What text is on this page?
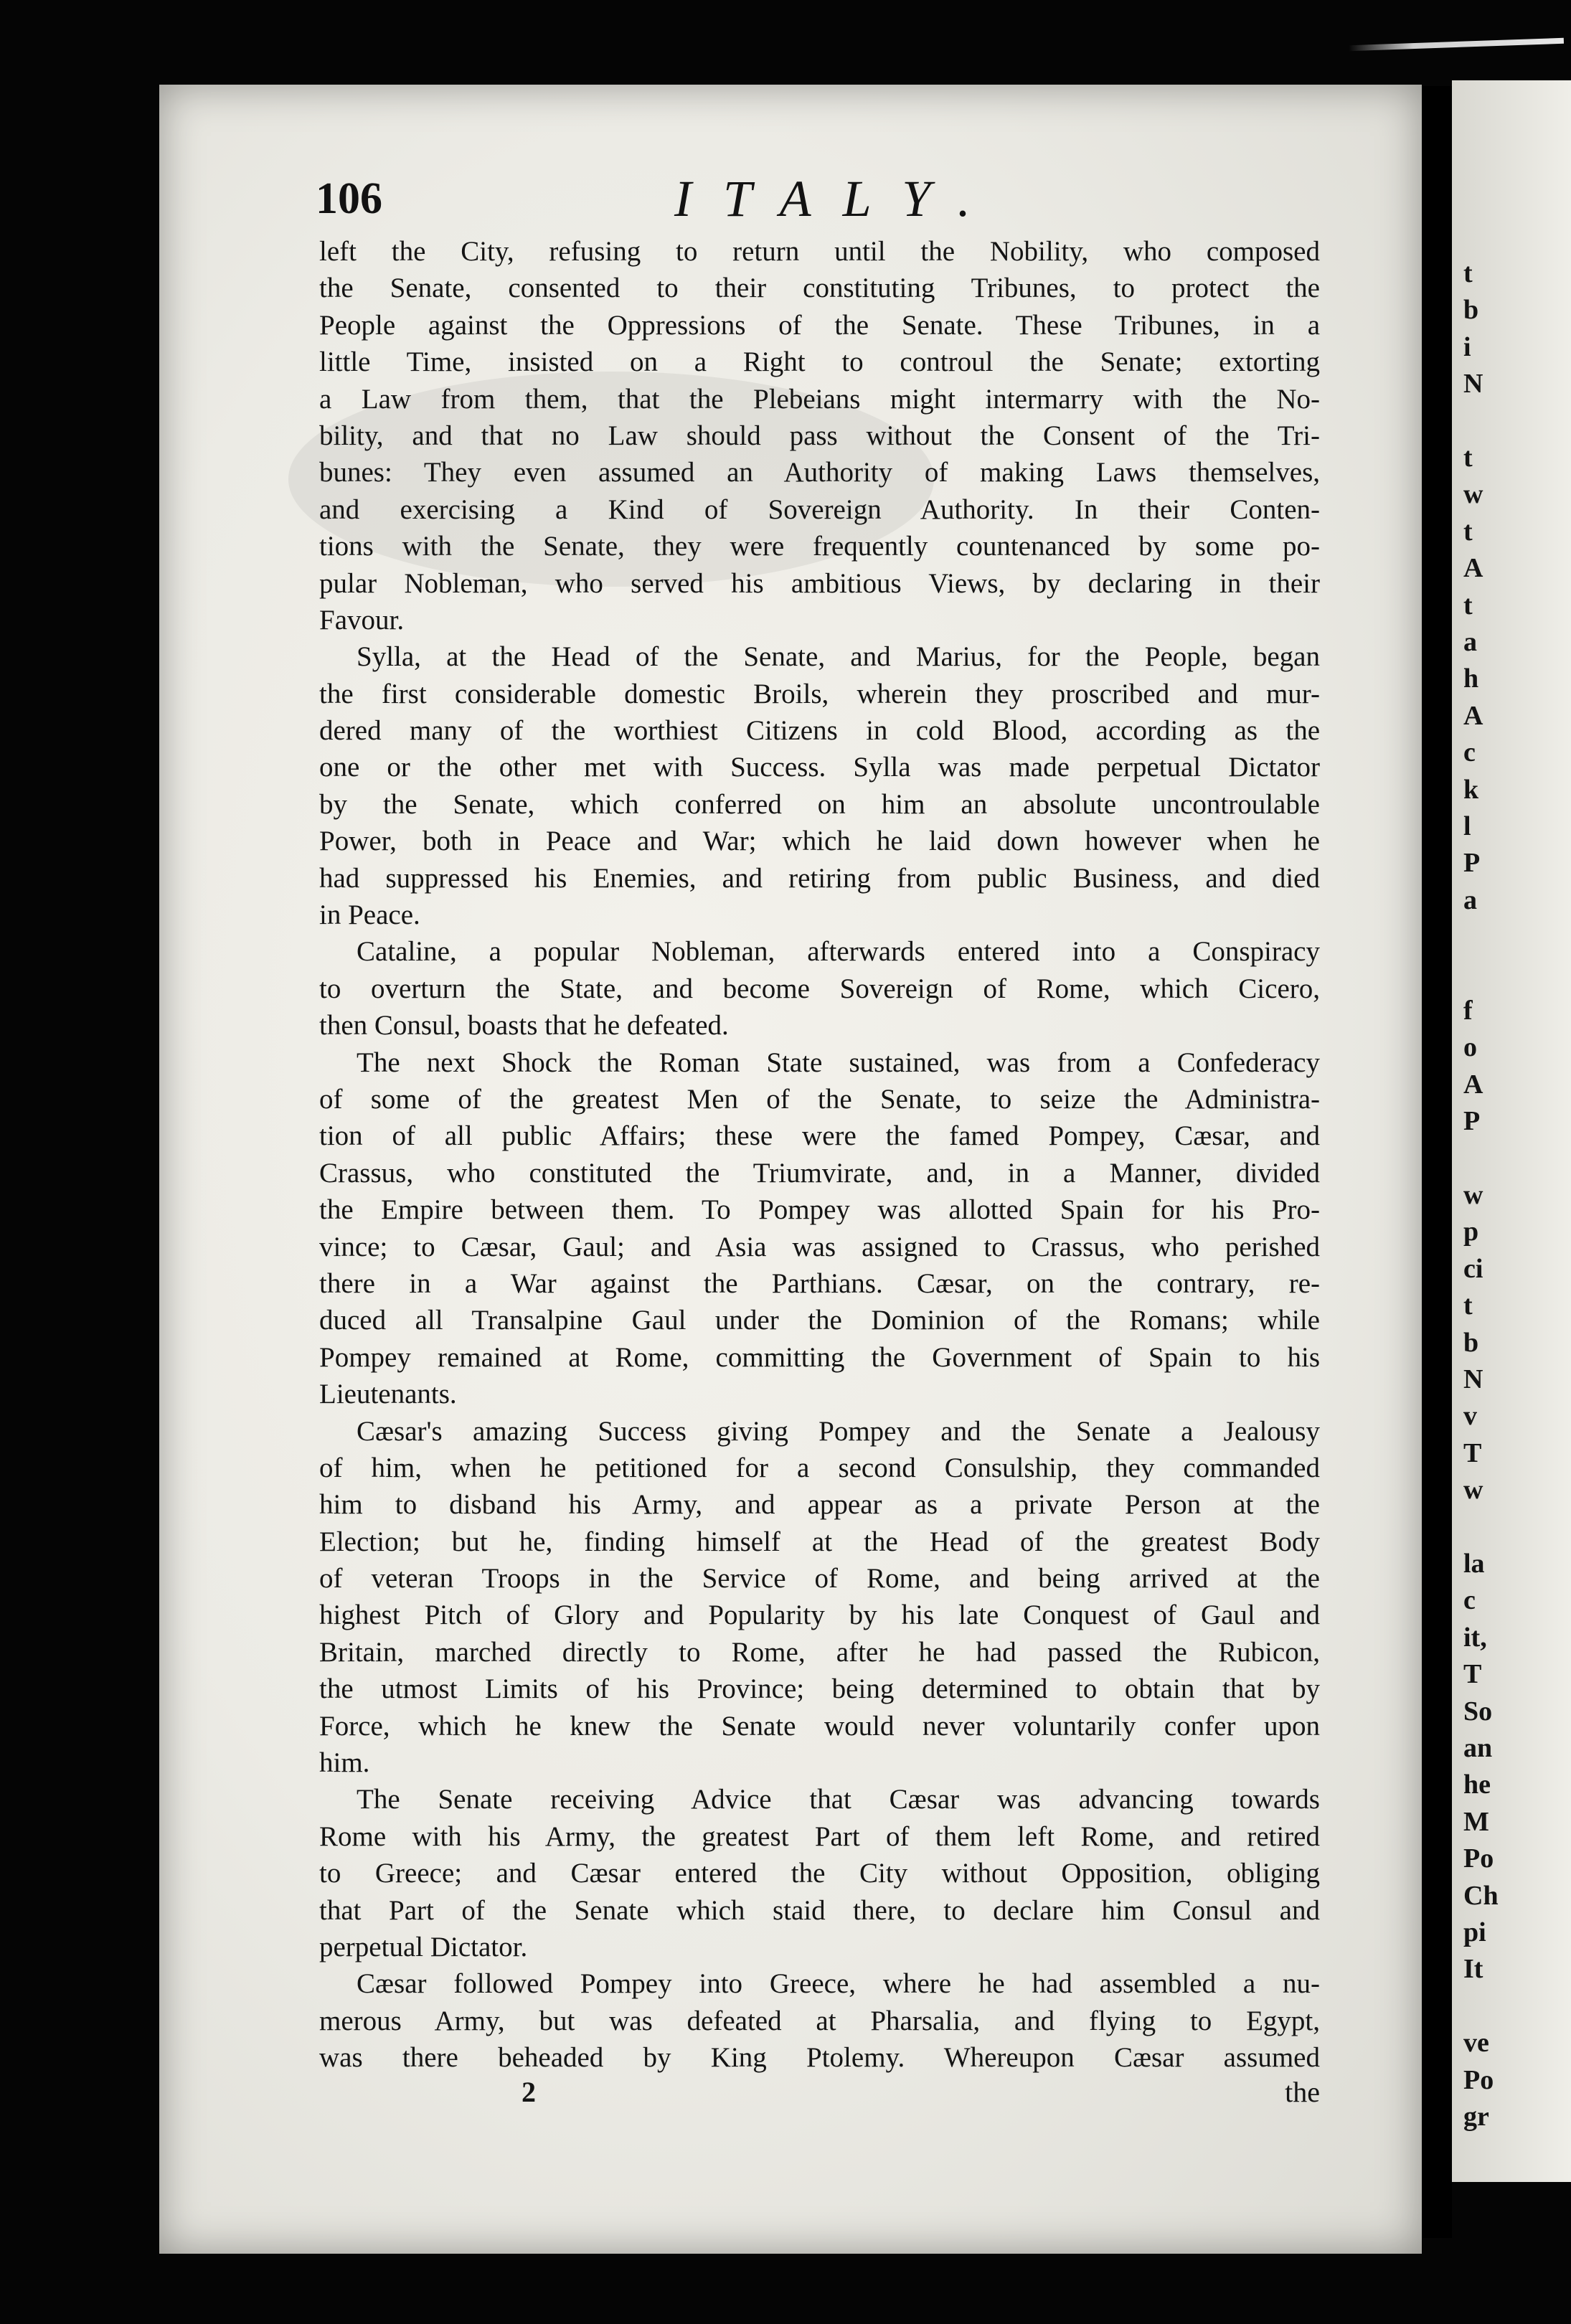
t
b
i
N
t
w
t
A
t
a
h
A
c
k
l
P
a
f
o
A
P
w
p
ci
t
b
N
v
T
w
la
c
it,
T
So
an
he
M
Po
Ch
pi
It
ve
Po
gr
106	ITALY.
left the City, refusing to return until the Nobility, who composed
the Senate, consented to their constituting Tribunes, to protect the
People against the Oppressions of the Senate. These Tribunes, in a
little Time, insisted on a Right to controul the Senate; extorting
a Law from them, that the Plebeians might intermarry with the No-
bility, and that no Law should pass without the Consent of the Tri-
bunes: They even assumed an Authority of making Laws themselves,
and exercising a Kind of Sovereign Authority. In their Conten-
tions with the Senate, they were frequently countenanced by some po-
pular Nobleman, who served his ambitious Views, by declaring in their
Favour.
Sylla, at the Head of the Senate, and Marius, for the People, began
the first considerable domestic Broils, wherein they proscribed and mur-
dered many of the worthiest Citizens in cold Blood, according as the
one or the other met with Success. Sylla was made perpetual Dictator
by the Senate, which conferred on him an absolute uncontroulable
Power, both in Peace and War; which he laid down however when he
had suppressed his Enemies, and retiring from public Business, and died
in Peace.
Cataline, a popular Nobleman, afterwards entered into a Conspiracy
to overturn the State, and become Sovereign of Rome, which Cicero,
then Consul, boasts that he defeated.
The next Shock the Roman State sustained, was from a Confederacy
of some of the greatest Men of the Senate, to seize the Administra-
tion of all public Affairs; these were the famed Pompey, Cæsar, and
Crassus, who constituted the Triumvirate, and, in a Manner, divided
the Empire between them. To Pompey was allotted Spain for his Pro-
vince; to Cæsar, Gaul; and Asia was assigned to Crassus, who perished
there in a War against the Parthians. Cæsar, on the contrary, re-
duced all Transalpine Gaul under the Dominion of the Romans; while
Pompey remained at Rome, committing the Government of Spain to his
Lieutenants.
Cæsar's amazing Success giving Pompey and the Senate a Jealousy
of him, when he petitioned for a second Consulship, they commanded
him to disband his Army, and appear as a private Person at the
Election; but he, finding himself at the Head of the greatest Body
of veteran Troops in the Service of Rome, and being arrived at the
highest Pitch of Glory and Popularity by his late Conquest of Gaul and
Britain, marched directly to Rome, after he had passed the Rubicon,
the utmost Limits of his Province; being determined to obtain that by
Force, which he knew the Senate would never voluntarily confer upon
him.
The Senate receiving Advice that Cæsar was advancing towards
Rome with his Army, the greatest Part of them left Rome, and retired
to Greece; and Cæsar entered the City without Opposition, obliging
that Part of the Senate which staid there, to declare him Consul and
perpetual Dictator.
Cæsar followed Pompey into Greece, where he had assembled a nu-
merous Army, but was defeated at Pharsalia, and flying to Egypt,
was there beheaded by King Ptolemy. Whereupon Cæsar assumed
2	the
